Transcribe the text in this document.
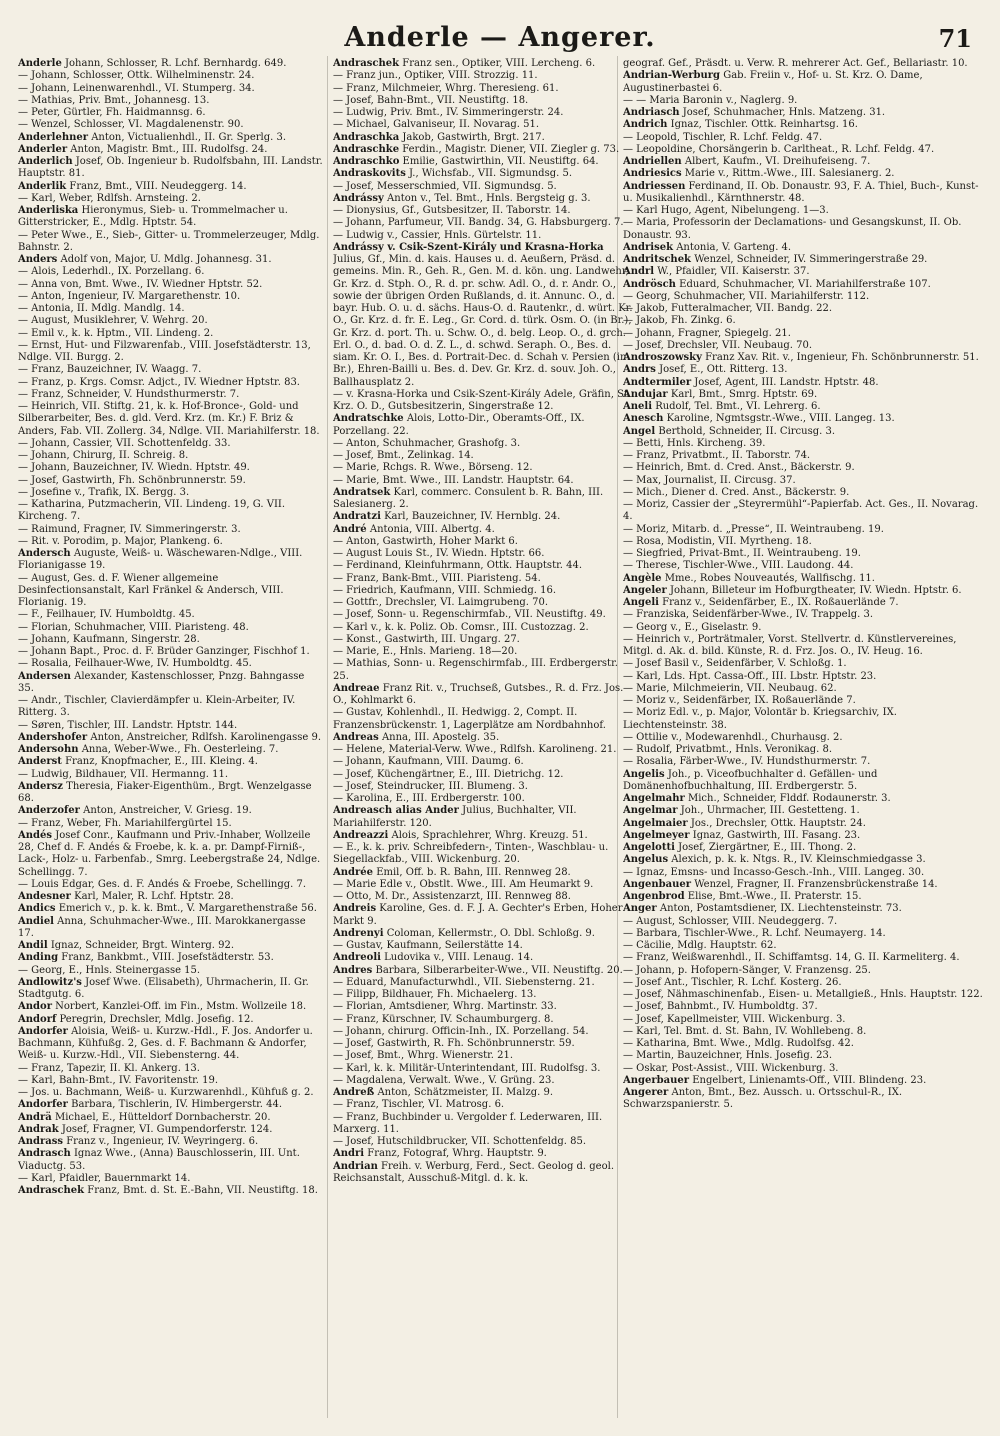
Anderle — Angerer.	71
Anderle Johann, Schlosser, R. Lchf. Bernhardg. 649.
— Johann, Schlosser, Ottk. Wilhelminenstr. 24.
— Johann, Leinenwarenhdl., VI. Stumperg. 34.
— Mathias, Priv. Bmt., Johannesg. 13.
— Peter, Gürtler, Fh. Haidmannsg. 6.
— Wenzel, Schlosser, VI. Magdalenenstr. 90.
Anderlehner Anton, Victualienhdl., II. Gr. Sperlg. 3.
Anderler Anton, Magistr. Bmt., III. Rudolfsg. 24.
Anderlich Josef, Ob. Ingenieur b. Rudolfsbahn, III. Landstr. Hauptstr. 81.
Anderlik Franz, Bmt., VIII. Neudeggerg. 14.
— Karl, Weber, Rdlfsh. Arnsteing. 2.
Anderliska Hieronymus, Sieb- u. Trommelmacher u. Gitterstricker, E., Mdlg. Hptstr. 54.
— Peter Wwe., E., Sieb-, Gitter- u. Trommelerzeuger, Mdlg. Bahnstr. 2.
Anders Adolf von, Major, U. Mdlg. Johannesg. 31.
— Alois, Lederhdl., IX. Porzellang. 6.
— Anna von, Bmt. Wwe., IV. Wiedner Hptstr. 52.
— Anton, Ingenieur, IV. Margarethenstr. 10.
— Antonia, II. Mdlg. Mandlg. 14.
— August, Musiklehrer, V. Wehrg. 20.
— Emil v., k. k. Hptm., VII. Lindeng. 2.
— Ernst, Hut- und Filzwarenfab., VIII. Josefstädterstr. 13, Ndlge. VII. Burgg. 2.
— Franz, Bauzeichner, IV. Waagg. 7.
— Franz, p. Krgs. Comsr. Adjct., IV. Wiedner Hptstr. 83.
— Franz, Schneider, V. Hundsthurmerstr. 7.
— Heinrich, VII. Stiftg. 21, k. k. Hof-Bronce-, Gold- und Silberarbeiter, Bes. d. gld. Verd. Krz. (m. Kr.) F. Briz & Anders, Fab. VII. Zollerg. 34, Ndlge. VII. Mariahilferstr. 18.
— Johann, Cassier, VII. Schottenfeldg. 33.
— Johann, Chirurg, II. Schreig. 8.
— Johann, Bauzeichner, IV. Wiedn. Hptstr. 49.
— Josef, Gastwirth, Fh. Schönbrunnerstr. 59.
— Josefine v., Trafik, IX. Bergg. 3.
— Katharina, Putzmacherin, VII. Lindeng. 19, G. VII. Kircheng. 7.
— Raimund, Fragner, IV. Simmeringerstr. 3.
— Rit. v. Porodim, p. Major, Plankeng. 6.
Andersch Auguste, Weiß- u. Wäschewaren-Ndlge., VIII. Florianigasse 19.
— August, Ges. d. F. Wiener allgemeine Desinfectionsanstalt, Karl Fränkel & Andersch, VIII. Florianig. 19.
— F., Feilhauer, IV. Humboldtg. 45.
— Florian, Schuhmacher, VIII. Piaristeng. 48.
— Johann, Kaufmann, Singerstr. 28.
— Johann Bapt., Proc. d. F. Brüder Ganzinger, Fischhof 1.
— Rosalia, Feilhauer-Wwe, IV. Humboldtg. 45.
Andersen Alexander, Kastenschlosser, Pnzg. Bahngasse 35.
— Andr., Tischler, Clavierdämpfer u. Klein-Arbeiter, IV. Ritterg. 3.
— Søren, Tischler, III. Landstr. Hptstr. 144.
Andershofer Anton, Anstreicher, Rdlfsh. Karolinengasse 9.
Andersohn Anna, Weber-Wwe., Fh. Oesterleing. 7.
Anderst Franz, Knopfmacher, E., III. Kleing. 4.
— Ludwig, Bildhauer, VII. Hermanng. 11.
Andersz Theresia, Fiaker-Eigenthüm., Brgt. Wenzelgasse 68.
Anderzofer Anton, Anstreicher, V. Griesg. 19.
— Franz, Weber, Fh. Mariahilfergürtel 15.
Andés Josef Conr., Kaufmann und Priv.-Inhaber, Wollzeile 28, Chef d. F. Andés & Froebe, k. k. a. pr. Dampf-Firniß-, Lack-, Holz- u. Farbenfab., Smrg. Leebergstraße 24, Ndlge. Schellingg. 7.
— Louis Edgar, Ges. d. F. Andés & Froebe, Schellingg. 7.
Andesner Karl, Maler, R. Lchf. Hptstr. 28.
Andics Emerich v., p. k. k. Bmt., V. Margarethenstraße 56.
Andiel Anna, Schuhmacher-Wwe., III. Marokkanergasse 17.
Andil Ignaz, Schneider, Brgt. Winterg. 92.
Anding Franz, Bankbmt., VIII. Josefstädterstr. 53.
— Georg, E., Hnls. Steinergasse 15.
Andlowitz's Josef Wwe. (Elisabeth), Uhrmacherin, II. Gr. Stadtgutg. 6.
Andor Norbert, Kanzlei-Off. im Fin., Mstm. Wollzeile 18.
Andorf Peregrin, Drechsler, Mdlg. Josefig. 12.
Andorfer Aloisia, Weiß- u. Kurzw.-Hdl., F. Jos. Andorfer u. Bachmann, Kühfußg. 2, Ges. d. F. Bachmann & Andorfer, Weiß- u. Kurzw.-Hdl., VII. Siebensterng. 44.
— Franz, Tapezir, II. Kl. Ankerg. 13.
— Karl, Bahn-Bmt., IV. Favoritenstr. 19.
— Jos. u. Bachmann, Weiß- u. Kurzwarenhdl., Kühfuß g. 2.
Andorfer Barbara, Tischlerin, IV. Himbergerstr. 44.
Andrä Michael, E., Hütteldorf Dornbacherstr. 20.
Andrak Josef, Fragner, VI. Gumpendorferstr. 124.
Andrass Franz v., Ingenieur, IV. Weyringerg. 6.
Andrasch Ignaz Wwe., (Anna) Bauschlosserin, III. Unt. Viaductg. 53.
— Karl, Pfaidler, Bauernmarkt 14.
Andraschek Franz, Bmt. d. St. E.-Bahn, VII. Neustiftg. 18.
Andraschek Franz sen., Optiker, VIII. Lercheng. 6.
— Franz jun., Optiker, VIII. Strozzig. 11.
— Franz, Milchmeier, Whrg. Theresieng. 61.
— Josef, Bahn-Bmt., VII. Neustiftg. 18.
— Ludwig, Priv. Bmt., IV. Simmeringerstr. 24.
— Michael, Galvaniseur, II. Novarag. 51.
Andraschka Jakob, Gastwirth, Brgt. 217.
Andraschke Ferdin., Magistr. Diener, VII. Ziegler g. 73.
Andraschko Emilie, Gastwirthin, VII. Neustiftg. 64.
Andraskovits J., Wichsfab., VII. Sigmundsg. 5.
— Josef, Messerschmied, VII. Sigmundsg. 5.
Andrássy Anton v., Tel. Bmt., Hnls. Bergsteig g. 3.
— Dionysius, Gf., Gutsbesitzer, II. Taborstr. 14.
— Johann, Parfumeur, VII. Bandg. 34, G. Habsburgerg. 7.
— Ludwig v., Cassier, Hnls. Gürtelstr. 11.
Andrássy v. Csik-Szent-Király und Krasna-Horka Julius, Gf., Min. d. kais. Hauses u. d. Aeußern, Präsd. d. gemeins. Min. R., Geh. R., Gen. M. d. kön. ung. Landwehr, Gr. Krz. d. Stph. O., R. d. pr. schw. Adl. O., d. r. Andr. O., sowie der übrigen Orden Rußlands, d. it. Annunc. O., d. bayr. Hub. O. u. d. sächs. Haus-O. d. Rautenkr., d. würt. Kr. O., Gr. Krz. d. fr. E. Leg., Gr. Cord. d. türk. Osm. O. (in Br.), Gr. Krz. d. port. Th. u. Schw. O., d. belg. Leop. O., d. grch. Erl. O., d. bad. O. d. Z. L., d. schwd. Seraph. O., Bes. d. siam. Kr. O. I., Bes. d. Portrait-Dec. d. Schah v. Persien (in Br.), Ehren-Bailli u. Bes. d. Dev. Gr. Krz. d. souv. Joh. O., Ballhausplatz 2.
— v. Krasna-Horka und Csik-Szent-Király Adele, Gräfin, St. Krz. O. D., Gutsbesitzerin, Singerstraße 12.
Andratschke Alois, Lotto-Dir., Oberamts-Off., IX. Porzellang. 22.
— Anton, Schuhmacher, Grashofg. 3.
— Josef, Bmt., Zelinkag. 14.
— Marie, Rchgs. R. Wwe., Börseng. 12.
— Marie, Bmt. Wwe., III. Landstr. Hauptstr. 64.
Andratsek Karl, commerc. Consulent b. R. Bahn, III. Salesianerg. 2.
Andratzi Karl, Bauzeichner, IV. Hernblg. 24.
André Antonia, VIII. Albertg. 4.
— Anton, Gastwirth, Hoher Markt 6.
— August Louis St., IV. Wiedn. Hptstr. 66.
— Ferdinand, Kleinfuhrmann, Ottk. Hauptstr. 44.
— Franz, Bank-Bmt., VIII. Piaristeng. 54.
— Friedrich, Kaufmann, VIII. Schmiedg. 16.
— Gottfr., Drechsler, VI. Laimgrubeng. 70.
— Josef, Sonn- u. Regenschirmfab., VII. Neustiftg. 49.
— Karl v., k. k. Poliz. Ob. Comsr., III. Custozzag. 2.
— Konst., Gastwirth, III. Ungarg. 27.
— Marie, E., Hnls. Marieng. 18—20.
— Mathias, Sonn- u. Regenschirmfab., III. Erdbergerstr. 25.
Andreae Franz Rit. v., Truchseß, Gutsbes., R. d. Frz. Jos. O., Kohlmarkt 6.
— Gustav, Kohlenhdl., II. Hedwigg. 2, Compt. II. Franzensbrückenstr. 1, Lagerplätze am Nordbahnhof.
Andreas Anna, III. Apostelg. 35.
— Helene, Material-Verw. Wwe., Rdlfsh. Karolineng. 21.
— Johann, Kaufmann, VIII. Daumg. 6.
— Josef, Küchengärtner, E., III. Dietrichg. 12.
— Josef, Steindrucker, III. Blumeng. 3.
— Karolina, E., III. Erdbergerstr. 100.
Andreasch alias Ander Julius, Buchhalter, VII. Mariahilferstr. 120.
Andreazzi Alois, Sprachlehrer, Whrg. Kreuzg. 51.
— E., k. k. priv. Schreibfedern-, Tinten-, Waschblau- u. Siegellackfab., VIII. Wickenburg. 20.
Andrée Emil, Off. b. R. Bahn, III. Rennweg 28.
— Marie Edle v., Obstlt. Wwe., III. Am Heumarkt 9.
— Otto, M. Dr., Assistenzarzt, III. Rennweg 88.
Andreis Karoline, Ges. d. F. J. A. Gechter's Erben, Hoher Markt 9.
Andrenyi Coloman, Kellermstr., O. Dbl. Schloßg. 9.
— Gustav, Kaufmann, Seilerstätte 14.
Andreoli Ludovika v., VIII. Lenaug. 14.
Andres Barbara, Silberarbeiter-Wwe., VII. Neustiftg. 20.
— Eduard, Manufacturwhdl., VII. Siebensterng. 21.
— Filipp, Bildhauer, Fh. Michaelerg. 13.
— Florian, Amtsdiener, Whrg. Martinstr. 33.
— Franz, Kürschner, IV. Schaumburgerg. 8.
— Johann, chirurg. Officin-Inh., IX. Porzellang. 54.
— Josef, Gastwirth, R. Fh. Schönbrunnerstr. 59.
— Josef, Bmt., Whrg. Wienerstr. 21.
— Karl, k. k. Militär-Unterintendant, III. Rudolfsg. 3.
— Magdalena, Verwalt. Wwe., V. Grüng. 23.
Andreß Anton, Schätzmeister, II. Malzg. 9.
— Franz, Tischler, VI. Matrosg. 6.
— Franz, Buchbinder u. Vergolder f. Lederwaren, III. Marxerg. 11.
— Josef, Hutschildbrucker, VII. Schottenfeldg. 85.
Andri Franz, Fotograf, Whrg. Hauptstr. 9.
Andrian Freih. v. Werburg, Ferd., Sect. Geolog d. geol. Reichsanstalt, Ausschuß-Mitgl. d. k. k.
geograf. Gef., Präsdt. u. Verw. R. mehrerer Act. Gef., Bellariastr. 10.
Andrian-Werburg Gab. Freiin v., Hof- u. St. Krz. O. Dame, Augustinerbastei 6.
— — Maria Baronin v., Naglerg. 9.
Andriasch Josef, Schuhmacher, Hnls. Matzeng. 31.
Andrich Ignaz, Tischler. Ottk. Reinhartsg. 16.
— Leopold, Tischler, R. Lchf. Feldg. 47.
— Leopoldine, Chorsängerin b. Carltheat., R. Lchf. Feldg. 47.
Andriellen Albert, Kaufm., VI. Dreihufeiseng. 7.
Andriesics Marie v., Rittm.-Wwe., III. Salesianerg. 2.
Andriessen Ferdinand, II. Ob. Donaustr. 93, F. A. Thiel, Buch-, Kunst- u. Musikalienhdl., Kärnthnerstr. 48.
— Karl Hugo, Agent, Nibelungeng. 1—3.
— Maria, Professorin der Declamations- und Gesangskunst, II. Ob. Donaustr. 93.
Andrisek Antonia, V. Garteng. 4.
Andritschek Wenzel, Schneider, IV. Simmeringerstraße 29.
Andrl W., Pfaidler, VII. Kaiserstr. 37.
Andrösch Eduard, Schuhmacher, VI. Mariahilferstraße 107.
— Georg, Schuhmacher, VII. Mariahilferstr. 112.
— Jakob, Futteralmacher, VII. Bandg. 22.
— Jakob, Fh. Zinkg. 6.
— Johann, Fragner, Spiegelg. 21.
— Josef, Drechsler, VII. Neubaug. 70.
Androszowsky Franz Xav. Rit. v., Ingenieur, Fh. Schönbrunnerstr. 51.
Andrs Josef, E., Ott. Ritterg. 13.
Andtermiler Josef, Agent, III. Landstr. Hptstr. 48.
Andujar Karl, Bmt., Smrg. Hptstr. 69.
Aneli Rudolf, Tel. Bmt., VI. Lehrerg. 6.
Anesch Karoline, Ngmtsgstr.-Wwe., VIII. Langeg. 13.
Angel Berthold, Schneider, II. Circusg. 3.
— Betti, Hnls. Kircheng. 39.
— Franz, Privatbmt., II. Taborstr. 74.
— Heinrich, Bmt. d. Cred. Anst., Bäckerstr. 9.
— Max, Journalist, II. Circusg. 37.
— Mich., Diener d. Cred. Anst., Bäckerstr. 9.
— Moriz, Cassier der „Steyrermühl“-Papierfab. Act. Ges., II. Novarag. 4.
— Moriz, Mitarb. d. „Presse“, II. Weintraubeng. 19.
— Rosa, Modistin, VII. Myrtheng. 18.
— Siegfried, Privat-Bmt., II. Weintraubeng. 19.
— Therese, Tischler-Wwe., VIII. Laudong. 44.
Angèle Mme., Robes Nouveautés, Wallfischg. 11.
Angeler Johann, Billeteur im Hofburgtheater, IV. Wiedn. Hptstr. 6.
Angeli Franz v., Seidenfärber, E., IX. Roßauerlände 7.
— Franziska, Seidenfärber-Wwe., IV. Trappelg. 3.
— Georg v., E., Giselastr. 9.
— Heinrich v., Porträtmaler, Vorst. Stellvertr. d. Künstlervereines, Mitgl. d. Ak. d. bild. Künste, R. d. Frz. Jos. O., IV. Heug. 16.
— Josef Basil v., Seidenfärber, V. Schloßg. 1.
— Karl, Lds. Hpt. Cassa-Off., III. Lbstr. Hptstr. 23.
— Marie, Milchmeierin, VII. Neubaug. 62.
— Moriz v., Seidenfärber, IX. Roßauerlände 7.
— Moriz Edl. v., p. Major, Volontär b. Kriegsarchiv, IX. Liechtensteinstr. 38.
— Ottilie v., Modewarenhdl., Churhausg. 2.
— Rudolf, Privatbmt., Hnls. Veronikag. 8.
— Rosalia, Färber-Wwe., IV. Hundsthurmerstr. 7.
Angelis Joh., p. Viceofbuchhalter d. Gefällen- und Domänenhofbuchhaltung, III. Erdbergerstr. 5.
Angelmahr Mich., Schneider, Flddf. Rodaunerstr. 3.
Angelmar Joh., Uhrmacher, III. Gestetteng. 1.
Angelmaier Jos., Drechsler, Ottk. Hauptstr. 24.
Angelmeyer Ignaz, Gastwirth, III. Fasang. 23.
Angelotti Josef, Ziergärtner, E., III. Thong. 2.
Angelus Alexich, p. k. k. Ntgs. R., IV. Kleinschmiedgasse 3.
— Ignaz, Emsns- und Incasso-Gesch.-Inh., VIII. Langeg. 30.
Angenbauer Wenzel, Fragner, II. Franzensbrückenstraße 14.
Angenbrod Elise, Bmt.-Wwe., II. Praterstr. 15.
Anger Anton, Postamtsdiener, IX. Liechtensteinstr. 73.
— August, Schlosser, VIII. Neudeggerg. 7.
— Barbara, Tischler-Wwe., R. Lchf. Neumayerg. 14.
— Cäcilie, Mdlg. Hauptstr. 62.
— Franz, Weißwarenhdl., II. Schiffamtsg. 14, G. II. Karmeliterg. 4.
— Johann, p. Hofopern-Sänger, V. Franzensg. 25.
— Josef Ant., Tischler, R. Lchf. Kosterg. 26.
— Josef, Nähmaschinenfab., Eisen- u. Metallgieß., Hnls. Hauptstr. 122.
— Josef, Bahnbmt., IV. Humboldtg. 37.
— Josef, Kapellmeister, VIII. Wickenburg. 3.
— Karl, Tel. Bmt. d. St. Bahn, IV. Wohllebeng. 8.
— Katharina, Bmt. Wwe., Mdlg. Rudolfsg. 42.
— Martin, Bauzeichner, Hnls. Josefig. 23.
— Oskar, Post-Assist., VIII. Wickenburg. 3.
Angerbauer Engelbert, Linienamts-Off., VIII. Blindeng. 23.
Angerer Anton, Bmt., Bez. Aussch. u. Ortsschul-R., IX. Schwarzspanierstr. 5.
